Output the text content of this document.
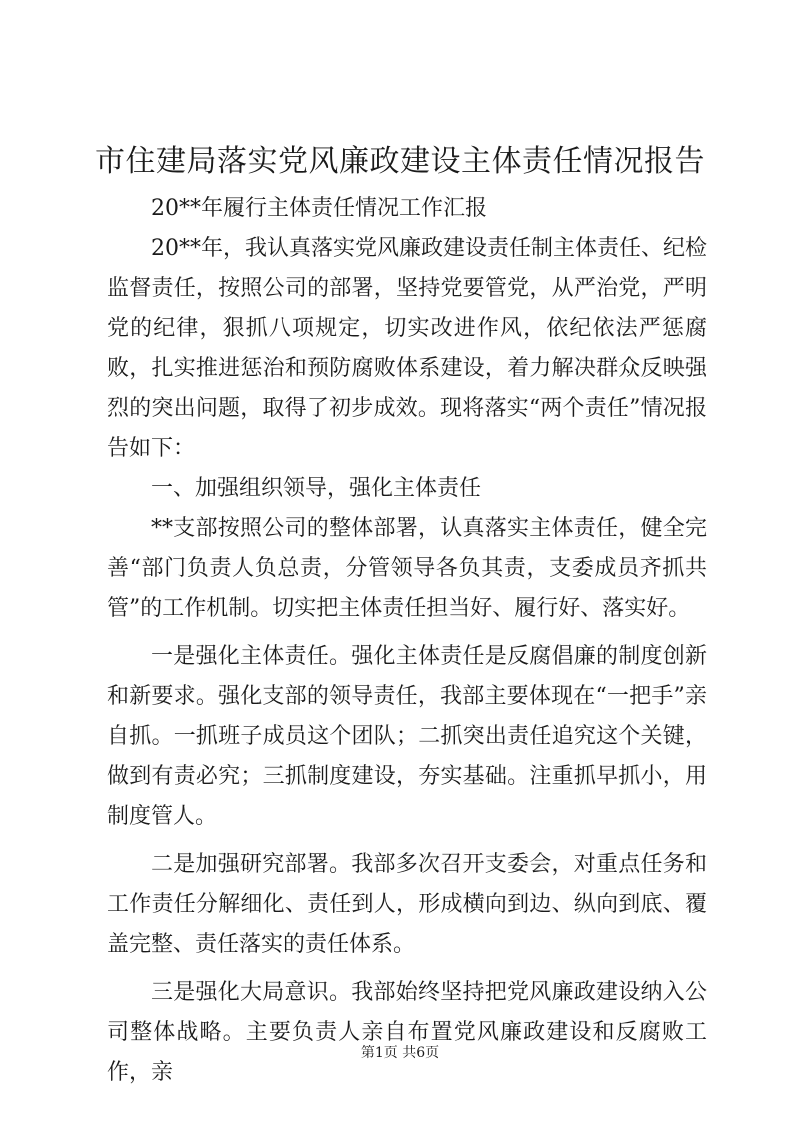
市住建局落实党风廉政建设主体责任情况报告

20**年履行主体责任情况工作汇报

20**年，我认真落实党风廉政建设责任制主体责任、纪检监督责任，按照公司的部署，坚持党要管党，从严治党，严明党的纪律，狠抓八项规定，切实改进作风，依纪依法严惩腐败，扎实推进惩治和预防腐败体系建设，着力解决群众反映强烈的突出问题，取得了初步成效。现将落实“两个责任”情况报告如下：

一、加强组织领导，强化主体责任

**支部按照公司的整体部署，认真落实主体责任，健全完善“部门负责人负总责，分管领导各负其责，支委成员齐抓共管”的工作机制。切实把主体责任担当好、履行好、落实好。

一是强化主体责任。强化主体责任是反腐倡廉的制度创新和新要求。强化支部的领导责任，我部主要体现在“一把手”亲自抓。一抓班子成员这个团队；二抓突出责任追究这个关键，做到有责必究；三抓制度建设，夯实基础。注重抓早抓小，用制度管人。

二是加强研究部署。我部多次召开支委会，对重点任务和工作责任分解细化、责任到人，形成横向到边、纵向到底、覆盖完整、责任落实的责任体系。

三是强化大局意识。我部始终坚持把党风廉政建设纳入公司整体战略。主要负责人亲自布置党风廉政建设和反腐败工作，亲

第1页 共6页
